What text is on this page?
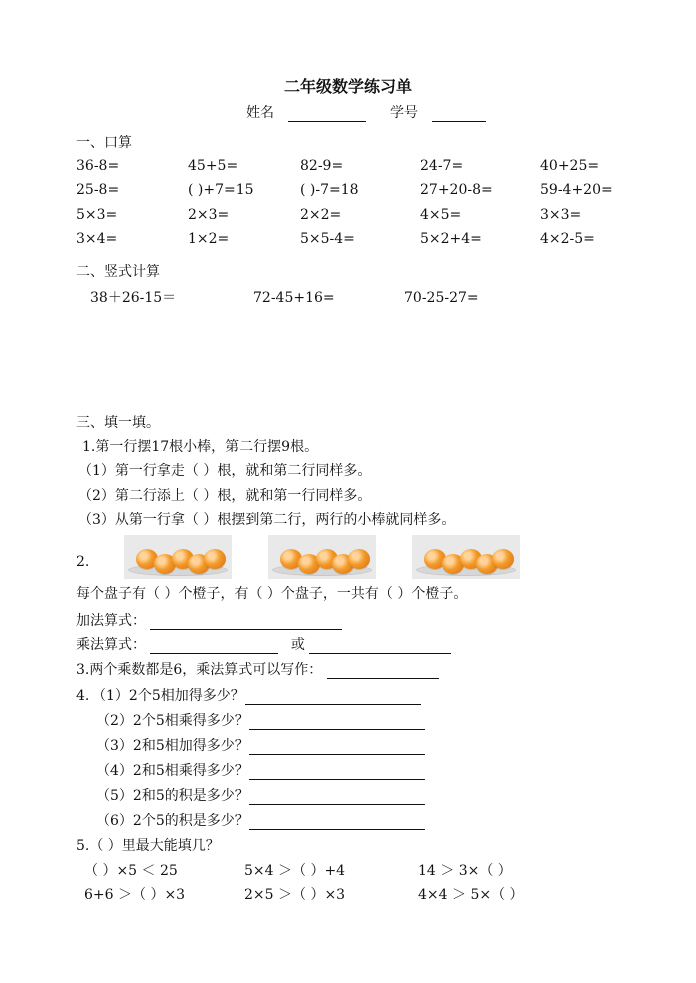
二年级数学练习单
姓名	学号
一、口算
36-8=	45+5=	82-9=	24-7=	40+25=
25-8=	( )+7=15	( )-7=18	27+20-8=	59-4+20=
5×3=	2×3=	2×2=	4×5=	3×3=
3×4=	1×2=	5×5-4=	5×2+4=	4×2-5=
二、竖式计算
38＋26-15＝	72-45+16=	70-25-27=
三、填一填。
1.第一行摆17根小棒，第二行摆9根。
（1）第一行拿走（ ）根，就和第二行同样多。
（2）第二行添上（ ）根，就和第一行同样多。
（3）从第一行拿（ ）根摆到第二行，两行的小棒就同样多。
2.
每个盘子有（ ）个橙子，有（ ）个盘子，一共有（ ）个橙子。
加法算式：
乘法算式：	或
3.两个乘数都是6，乘法算式可以写作：
4. （1）2个5相加得多少？
（2）2个5相乘得多少？
（3）2和5相加得多少？
（4）2和5相乘得多少？
（5）2和5的积是多少？
（6）2个5的积是多少？
5.（ ）里最大能填几？
（ ）×5 ＜ 25	5×4 ＞（ ）+4	14 ＞ 3×（ ）
6+6 ＞（ ）×3	2×5 ＞（ ）×3	4×4 ＞ 5×（ ）
